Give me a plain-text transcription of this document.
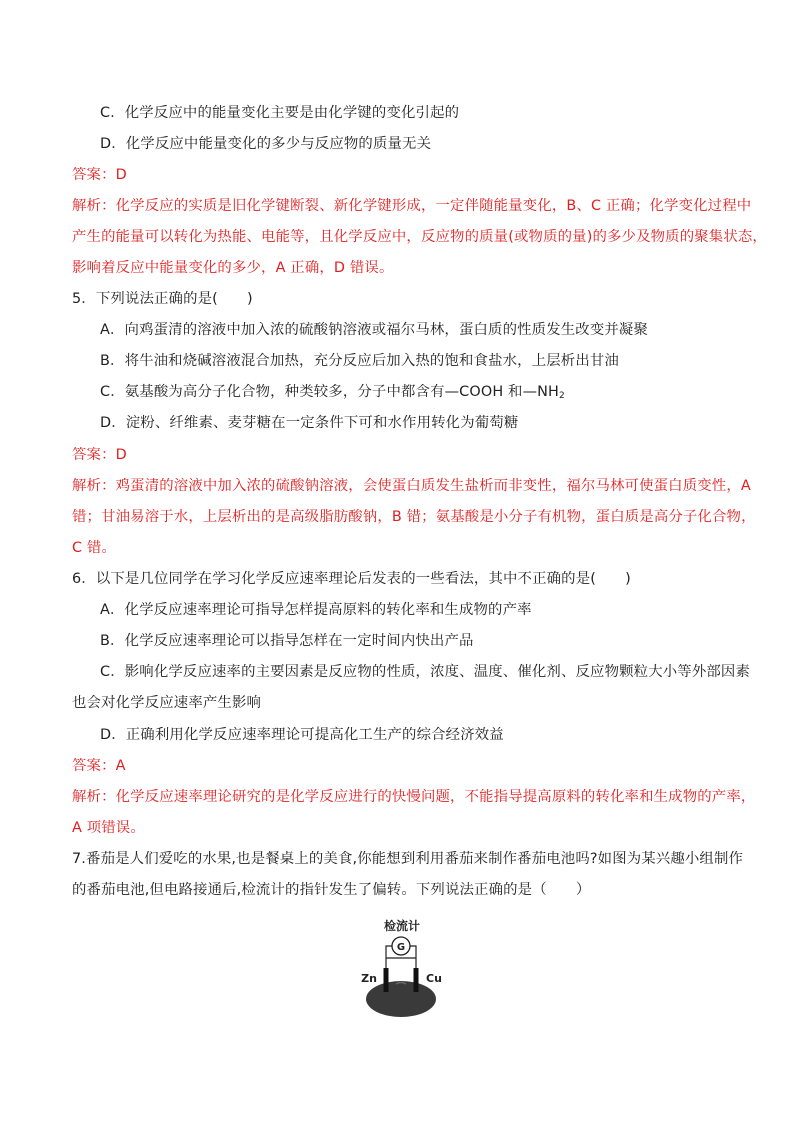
C．化学反应中的能量变化主要是由化学键的变化引起的
D．化学反应中能量变化的多少与反应物的质量无关
答案：D
解析：化学反应的实质是旧化学键断裂、新化学键形成，一定伴随能量变化，B、C 正确；化学变化过程中
产生的能量可以转化为热能、电能等，且化学反应中，反应物的质量(或物质的量)的多少及物质的聚集状态，
影响着反应中能量变化的多少，A 正确，D 错误。
5．下列说法正确的是(　　)
A．向鸡蛋清的溶液中加入浓的硫酸钠溶液或福尔马林，蛋白质的性质发生改变并凝聚
B．将牛油和烧碱溶液混合加热，充分反应后加入热的饱和食盐水，上层析出甘油
C．氨基酸为高分子化合物，种类较多，分子中都含有—COOH 和$—NH_2$
D．淀粉、纤维素、麦芽糖在一定条件下可和水作用转化为葡萄糖
答案：D
解析：鸡蛋清的溶液中加入浓的硫酸钠溶液，会使蛋白质发生盐析而非变性，福尔马林可使蛋白质变性，A
错；甘油易溶于水，上层析出的是高级脂肪酸钠，B 错；氨基酸是小分子有机物，蛋白质是高分子化合物，
C 错。
6．以下是几位同学在学习化学反应速率理论后发表的一些看法，其中不正确的是(　　)
A．化学反应速率理论可指导怎样提高原料的转化率和生成物的产率
B．化学反应速率理论可以指导怎样在一定时间内快出产品
C．影响化学反应速率的主要因素是反应物的性质，浓度、温度、催化剂、反应物颗粒大小等外部因素
也会对化学反应速率产生影响
D．正确利用化学反应速率理论可提高化工生产的综合经济效益
答案：A
解析：化学反应速率理论研究的是化学反应进行的快慢问题，不能指导提高原料的转化率和生成物的产率，
A 项错误。
7.番茄是人们爱吃的水果,也是餐桌上的美食,你能想到利用番茄来制作番茄电池吗?如图为某兴趣小组制作
的番茄电池,但电路接通后,检流计的指针发生了偏转。下列说法正确的是（　　）
检流计
G
Zn	Cu
